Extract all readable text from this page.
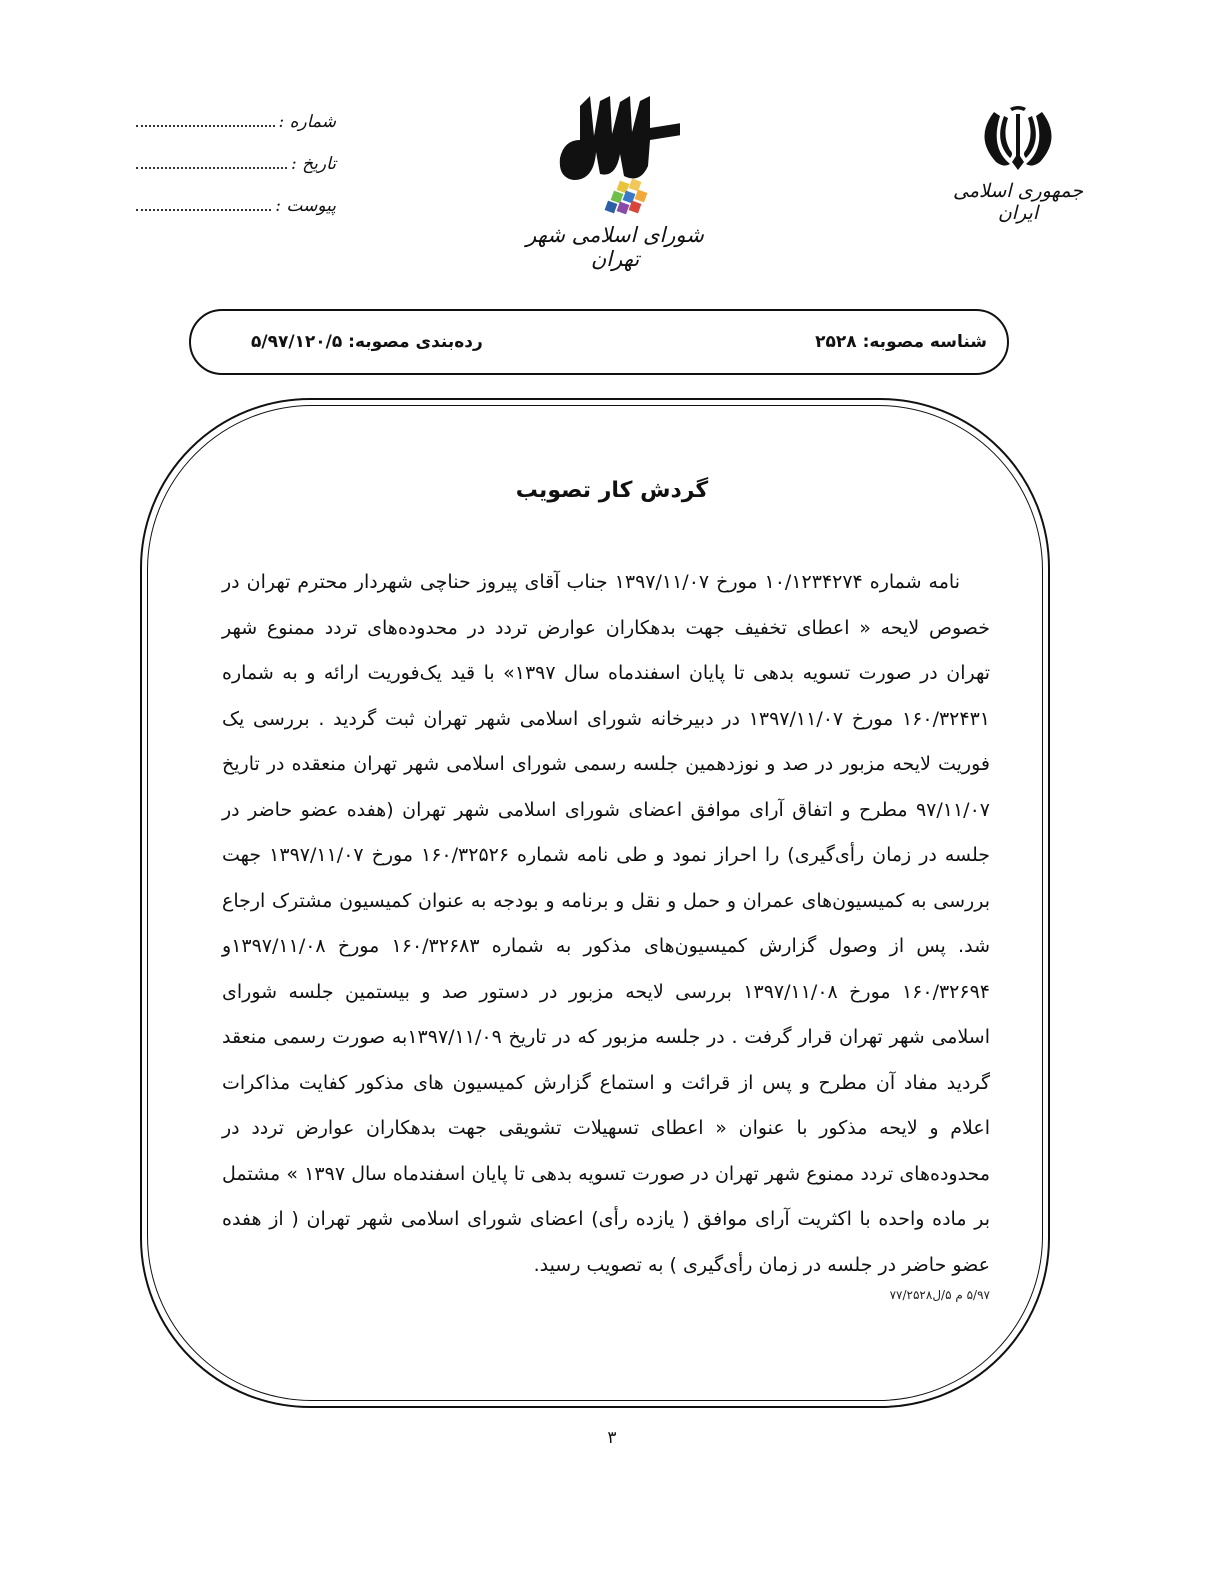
شماره :
تاریخ :
پیوست :
شورای اسلامی شهر تهران
جمهوری اسلامی ایران
شناسه مصوبه: ۲۵۲۸
رده‌بندی مصوبه: ۵/۹۷/۱۲۰/۵
گردش کار تصویب

نامه شماره ۱۰/۱۲۳۴۲۷۴ مورخ ۱۳۹۷/۱۱/۰۷ جناب آقای پیروز حناچی شهردار محترم تهران در خصوص لایحه « اعطای تخفیف جهت بدهکاران عوارض تردد در محدوده‌های تردد ممنوع شهر تهران در صورت تسویه بدهی تا پایان اسفندماه سال ۱۳۹۷» با قید یک‌فوریت ارائه و به شماره ۱۶۰/۳۲۴۳۱ مورخ ۱۳۹۷/۱۱/۰۷ در دبیرخانه شورای اسلامی شهر تهران ثبت گردید . بررسی یک فوریت لایحه مزبور در صد و نوزدهمین جلسه رسمی شورای اسلامی شهر تهران منعقده در تاریخ ۹۷/۱۱/۰۷ مطرح و اتفاق آرای موافق اعضای شورای اسلامی شهر تهران (هفده عضو حاضر در جلسه در زمان رأی‌گیری) را احراز نمود و طی نامه شماره ۱۶۰/۳۲۵۲۶ مورخ ۱۳۹۷/۱۱/۰۷ جهت بررسی به کمیسیون‌های عمران و حمل و نقل و برنامه و بودجه به عنوان کمیسیون مشترک ارجاع شد. پس از وصول گزارش کمیسیون‌های مذکور به شماره ۱۶۰/۳۲۶۸۳ مورخ ۱۳۹۷/۱۱/۰۸و ۱۶۰/۳۲۶۹۴ مورخ ۱۳۹۷/۱۱/۰۸ بررسی لایحه مزبور در دستور صد و بیستمین جلسه شورای اسلامی شهر تهران قرار گرفت . در جلسه مزبور که در تاریخ ۱۳۹۷/۱۱/۰۹به صورت رسمی منعقد گردید مفاد آن مطرح و پس از قرائت و استماع گزارش کمیسیون های مذکور کفایت مذاکرات اعلام و لایحه مذکور با عنوان « اعطای تسهیلات تشویقی جهت بدهکاران عوارض تردد در محدوده‌های تردد ممنوع شهر تهران در صورت تسویه بدهی تا پایان اسفندماه سال ۱۳۹۷ » مشتمل بر ماده واحده با اکثریت آرای موافق ( یازده رأی) اعضای شورای اسلامی شهر تهران ( از هفده عضو حاضر در جلسه در زمان رأی‌گیری ) به تصویب رسید.

۵/۹۷ م ۵/ل۷۷/۲۵۲۸
۳
